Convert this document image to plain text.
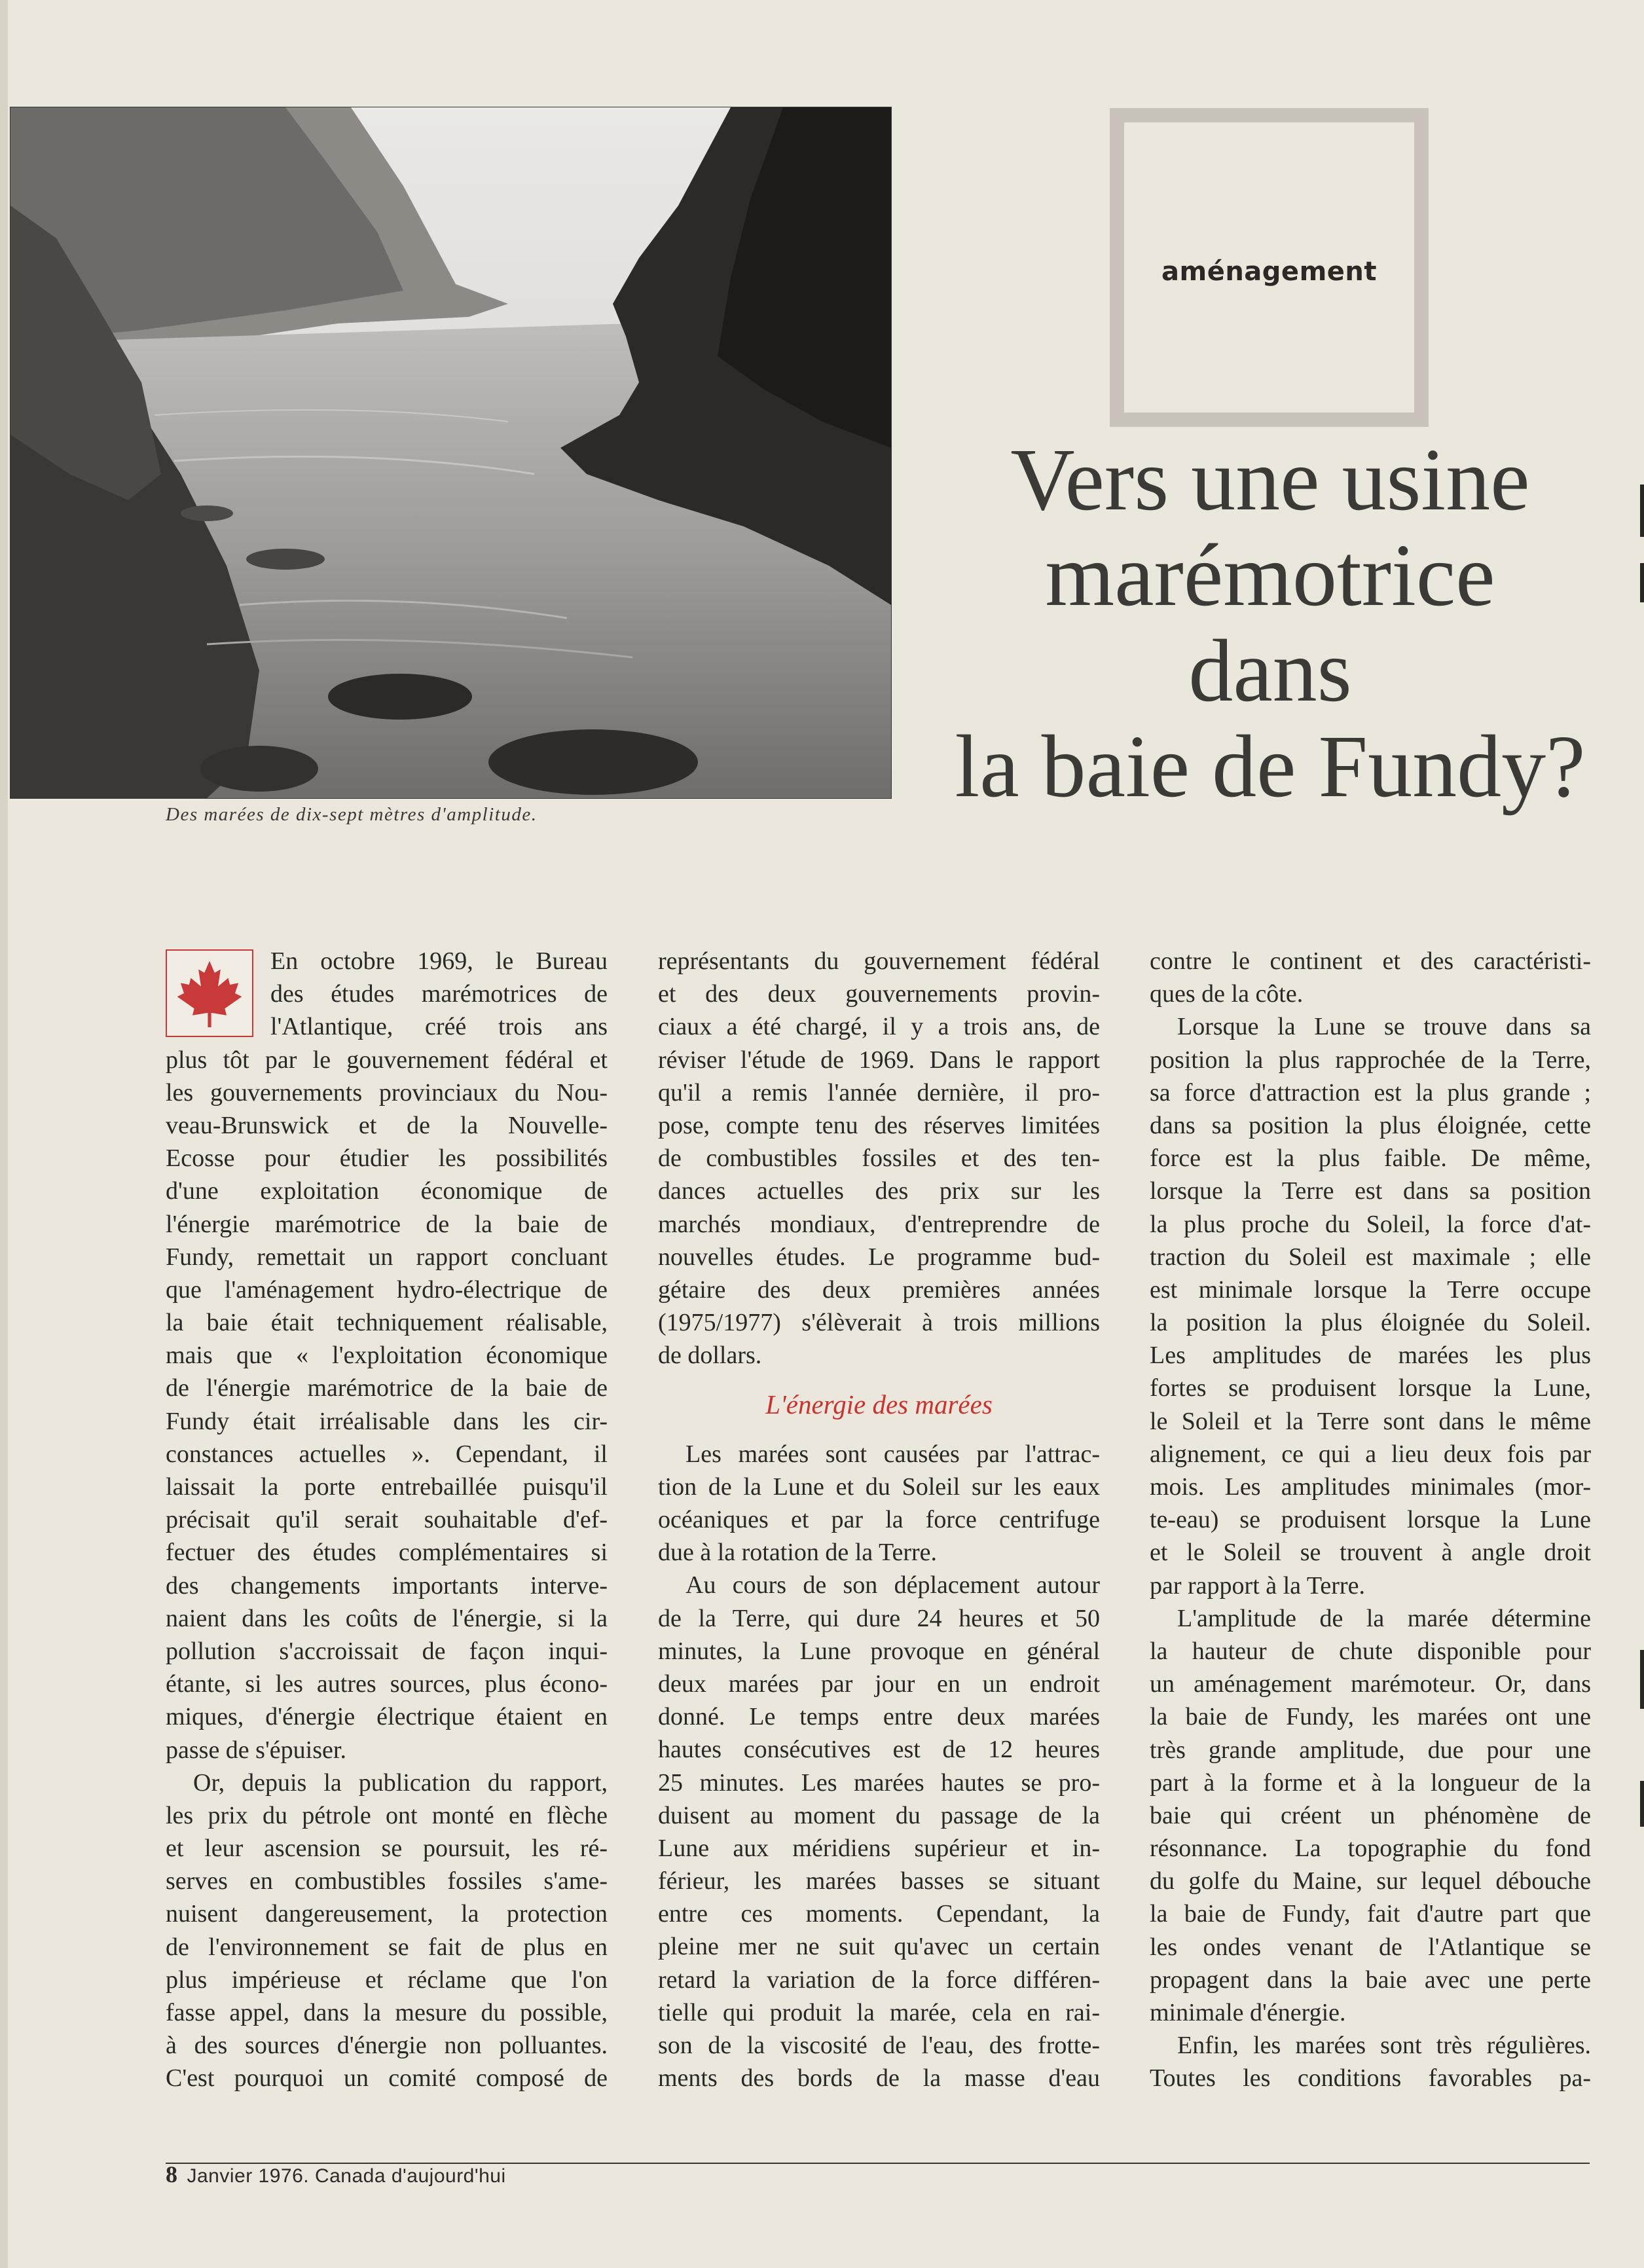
Des marées de dix-sept mètres d'amplitude.
aménagement
Vers une usine
marémotrice
dans
la baie de Fundy?
En octobre 1969, le Bureau
des études marémotrices de
l'Atlantique, créé trois ans
plus tôt par le gouvernement fédéral et
les gouvernements provinciaux du Nou-
veau-Brunswick et de la Nouvelle-
Ecosse pour étudier les possibilités
d'une exploitation économique de
l'énergie marémotrice de la baie de
Fundy, remettait un rapport concluant
que l'aménagement hydro-électrique de
la baie était techniquement réalisable,
mais que « l'exploitation économique
de l'énergie marémotrice de la baie de
Fundy était irréalisable dans les cir-
constances actuelles ». Cependant, il
laissait la porte entrebaillée puisqu'il
précisait qu'il serait souhaitable d'ef-
fectuer des études complémentaires si
des changements importants interve-
naient dans les coûts de l'énergie, si la
pollution s'accroissait de façon inqui-
étante, si les autres sources, plus écono-
miques, d'énergie électrique étaient en
passe de s'épuiser.
Or, depuis la publication du rapport,
les prix du pétrole ont monté en flèche
et leur ascension se poursuit, les ré-
serves en combustibles fossiles s'ame-
nuisent dangereusement, la protection
de l'environnement se fait de plus en
plus impérieuse et réclame que l'on
fasse appel, dans la mesure du possible,
à des sources d'énergie non polluantes.
C'est pourquoi un comité composé de
représentants du gouvernement fédéral
et des deux gouvernements provin-
ciaux a été chargé, il y a trois ans, de
réviser l'étude de 1969. Dans le rapport
qu'il a remis l'année dernière, il pro-
pose, compte tenu des réserves limitées
de combustibles fossiles et des ten-
dances actuelles des prix sur les
marchés mondiaux, d'entreprendre de
nouvelles études. Le programme bud-
gétaire des deux premières années
(1975/1977) s'élèverait à trois millions
de dollars.
L'énergie des marées
Les marées sont causées par l'attrac-
tion de la Lune et du Soleil sur les eaux
océaniques et par la force centrifuge
due à la rotation de la Terre.
Au cours de son déplacement autour
de la Terre, qui dure 24 heures et 50
minutes, la Lune provoque en général
deux marées par jour en un endroit
donné. Le temps entre deux marées
hautes consécutives est de 12 heures
25 minutes. Les marées hautes se pro-
duisent au moment du passage de la
Lune aux méridiens supérieur et in-
férieur, les marées basses se situant
entre ces moments. Cependant, la
pleine mer ne suit qu'avec un certain
retard la variation de la force différen-
tielle qui produit la marée, cela en rai-
son de la viscosité de l'eau, des frotte-
ments des bords de la masse d'eau
contre le continent et des caractéristi-
ques de la côte.
Lorsque la Lune se trouve dans sa
position la plus rapprochée de la Terre,
sa force d'attraction est la plus grande ;
dans sa position la plus éloignée, cette
force est la plus faible. De même,
lorsque la Terre est dans sa position
la plus proche du Soleil, la force d'at-
traction du Soleil est maximale ; elle
est minimale lorsque la Terre occupe
la position la plus éloignée du Soleil.
Les amplitudes de marées les plus
fortes se produisent lorsque la Lune,
le Soleil et la Terre sont dans le même
alignement, ce qui a lieu deux fois par
mois. Les amplitudes minimales (mor-
te-eau) se produisent lorsque la Lune
et le Soleil se trouvent à angle droit
par rapport à la Terre.
L'amplitude de la marée détermine
la hauteur de chute disponible pour
un aménagement marémoteur. Or, dans
la baie de Fundy, les marées ont une
très grande amplitude, due pour une
part à la forme et à la longueur de la
baie qui créent un phénomène de
résonnance. La topographie du fond
du golfe du Maine, sur lequel débouche
la baie de Fundy, fait d'autre part que
les ondes venant de l'Atlantique se
propagent dans la baie avec une perte
minimale d'énergie.
Enfin, les marées sont très régulières.
Toutes les conditions favorables pa-
8 Janvier 1976. Canada d'aujourd'hui
